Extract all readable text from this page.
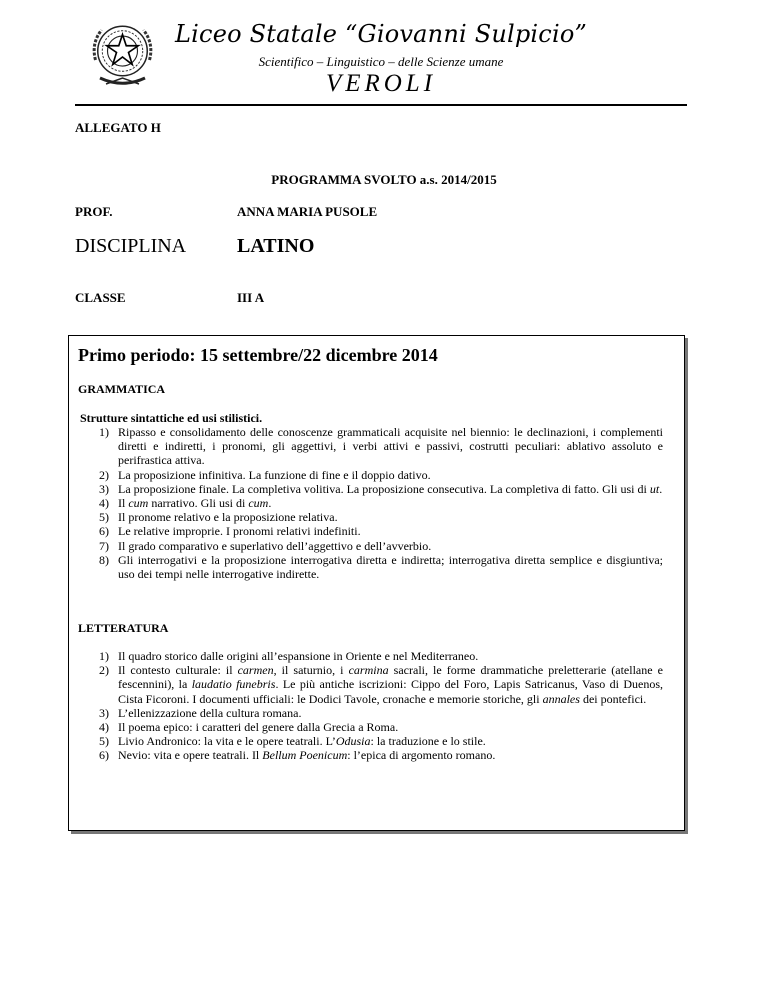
Liceo Statale “Giovanni Sulpicio”
Scientifico – Linguistico – delle Scienze umane
VEROLI
ALLEGATO H
PROGRAMMA SVOLTO a.s. 2014/2015
PROF.	ANNA MARIA PUSOLE
DISCIPLINA	LATINO
CLASSE	III A
Primo periodo: 15 settembre/22 dicembre 2014
GRAMMATICA
Strutture sintattiche ed usi stilistici.
1) Ripasso e consolidamento delle conoscenze grammaticali acquisite nel biennio: le declinazioni, i complementi diretti e indiretti, i pronomi, gli aggettivi, i verbi attivi e passivi, costrutti peculiari: ablativo assoluto e perifrastica attiva.
2) La proposizione infinitiva. La funzione di fine e il doppio dativo.
3) La proposizione finale. La completiva volitiva. La proposizione consecutiva. La completiva di fatto. Gli usi di ut.
4) Il cum narrativo. Gli usi di cum.
5) Il pronome relativo e la proposizione relativa.
6) Le relative improprie. I pronomi relativi indefiniti.
7) Il grado comparativo e superlativo dell’aggettivo e dell’avverbio.
8) Gli interrogativi e la proposizione interrogativa diretta e indiretta; interrogativa diretta semplice e disgiuntiva; uso dei tempi nelle interrogative indirette.
LETTERATURA
1) Il quadro storico dalle origini all’espansione in Oriente e nel Mediterraneo.
2) Il contesto culturale: il carmen, il saturnio, i carmina sacrali, le forme drammatiche preletterarie (atellane e fescennini), la laudatio funebris. Le più antiche iscrizioni: Cippo del Foro, Lapis Satricanus, Vaso di Duenos, Cista Ficoroni. I documenti ufficiali: le Dodici Tavole, cronache e memorie storiche, gli annales dei pontefici.
3) L’ellenizzazione della cultura romana.
4) Il poema epico: i caratteri del genere dalla Grecia a Roma.
5) Livio Andronico: la vita e le opere teatrali. L’Odusia: la traduzione e lo stile.
6) Nevio: vita e opere teatrali. Il Bellum Poenicum: l’epica di argomento romano.
